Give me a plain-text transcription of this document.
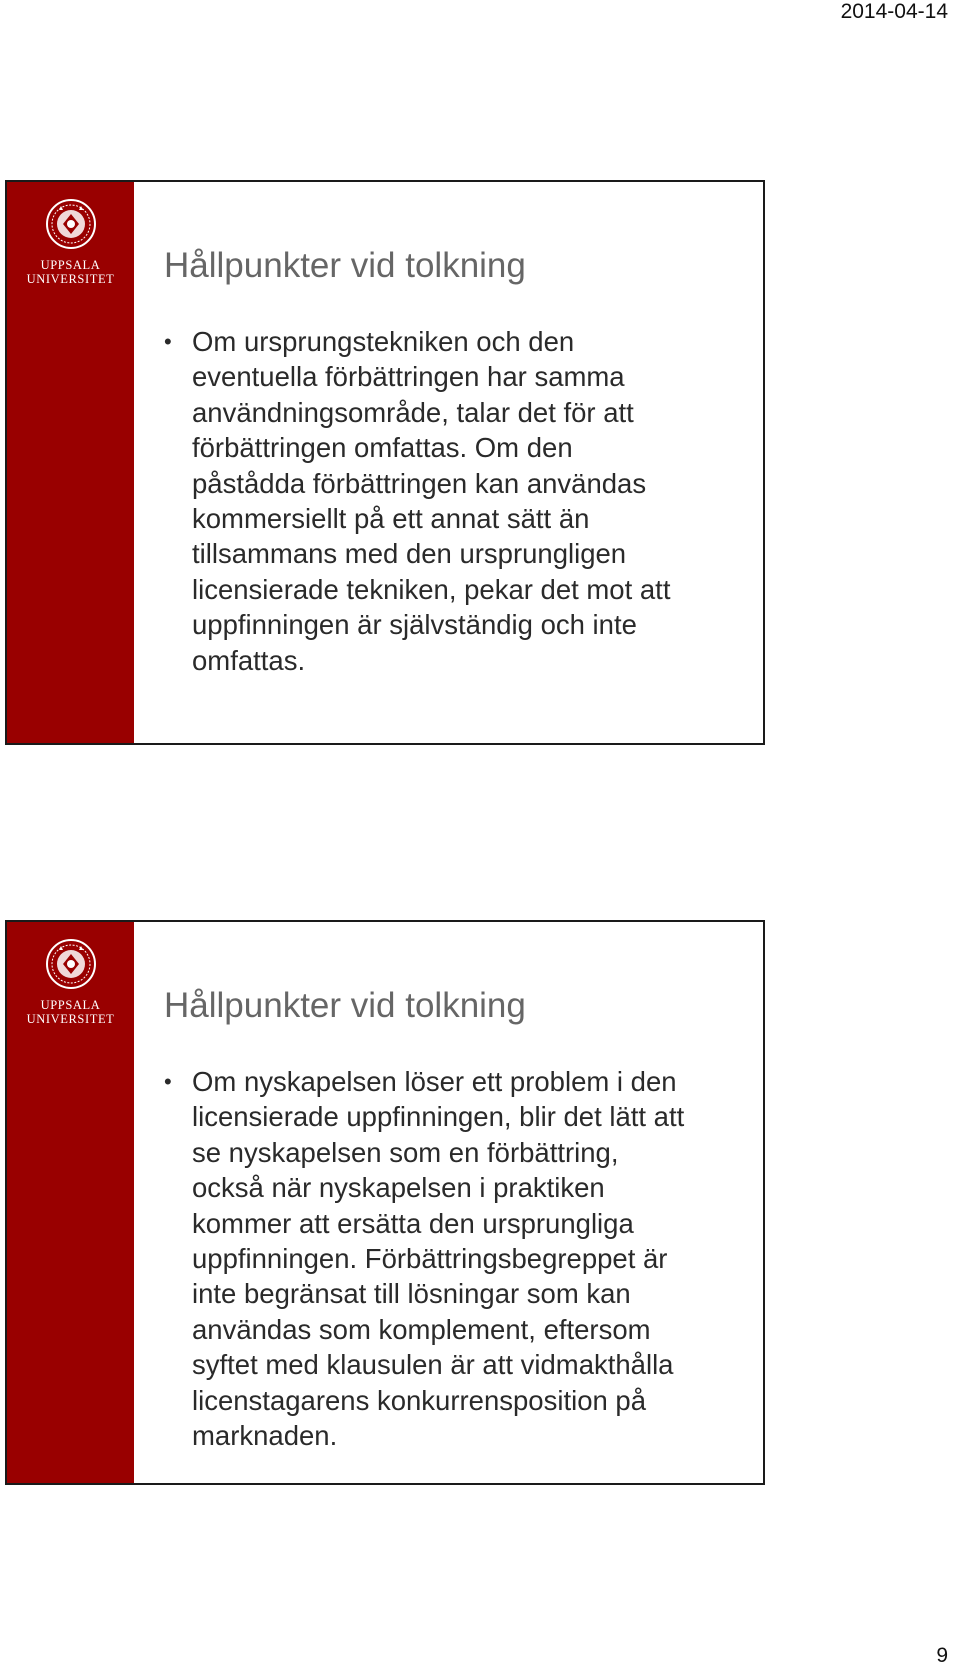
2014-04-14
UPPSALA
UNIVERSITET	Hållpunkter vid tolkning
• Om ursprungstekniken och den
eventuella förbättringen har samma
användningsområde, talar det för att
förbättringen omfattas. Om den
påstådda förbättringen kan användas
kommersiellt på ett annat sätt än
tillsammans med den ursprungligen
licensierade tekniken, pekar det mot att
uppfinningen är självständig och inte
omfattas.
UPPSALA
UNIVERSITET	Hållpunkter vid tolkning
• Om nyskapelsen löser ett problem i den
licensierade uppfinningen, blir det lätt att
se nyskapelsen som en förbättring,
också när nyskapelsen i praktiken
kommer att ersätta den ursprungliga
uppfinningen. Förbättringsbegreppet är
inte begränsat till lösningar som kan
användas som komplement, eftersom
syftet med klausulen är att vidmakthålla
licenstagarens konkurrensposition på
marknaden.
9
